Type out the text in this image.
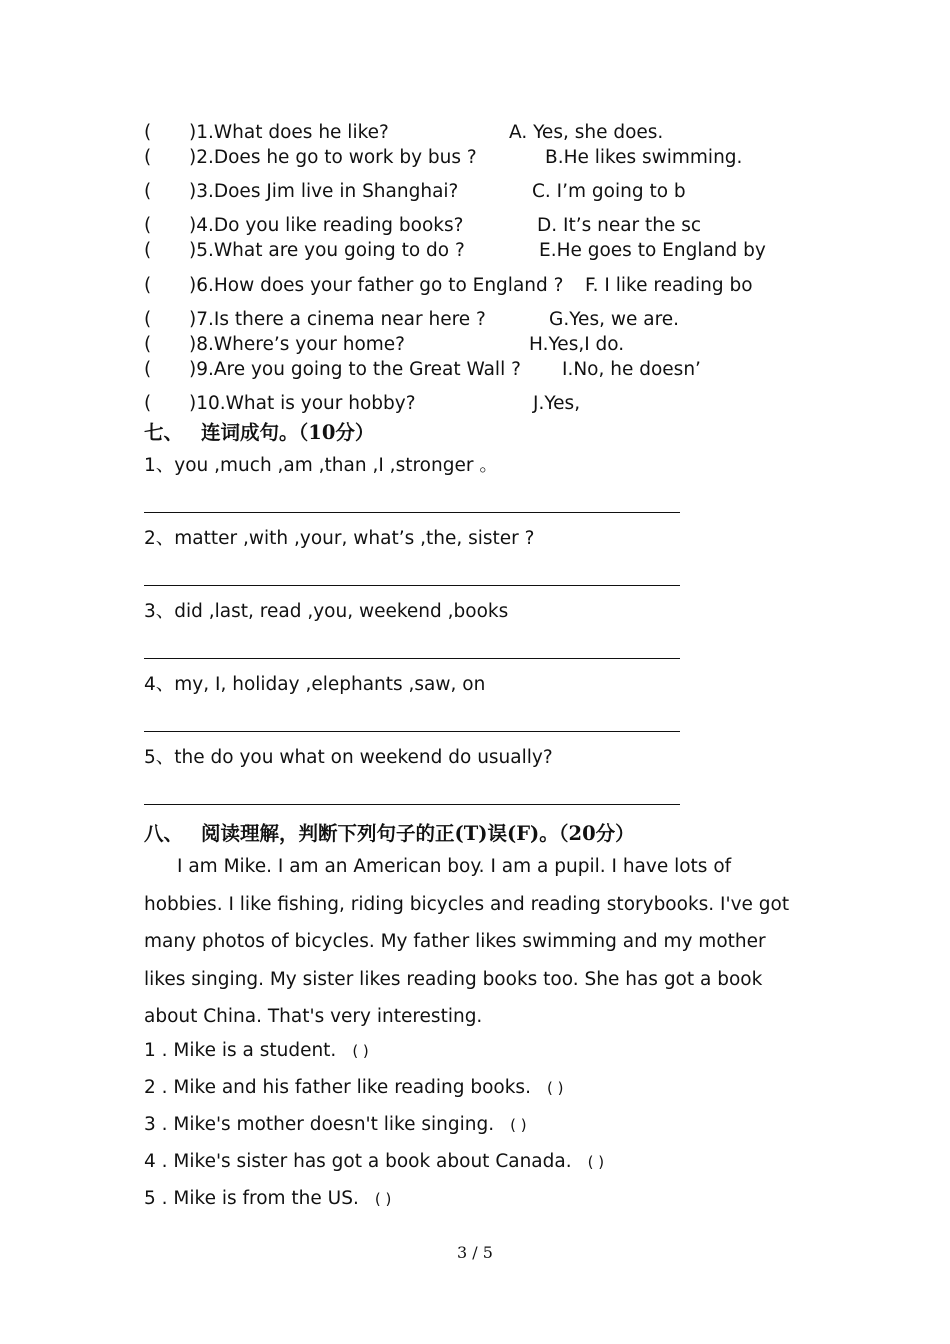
( )1.What does he like?	A. Yes, she does.
( )2.Does he go to work by bus ?	B.He likes swimming.
( )3.Does Jim live in Shanghai?	C. I’m going to b
( )4.Do you like reading books?	D. It’s near the sc
( )5.What are you going to do ?	E.He goes to England by
( )6.How does your father go to England ? F. I like reading bo
( )7.Is there a cinema near here ?	G.Yes, we are.
( )8.Where’s your home?	H.Yes,I do.
( )9.Are you going to the Great Wall ? I.No, he doesn’
( )10.What is your hobby?	J.Yes,
七、 连词成句。（10分）
1、you ,much ,am ,than ,I ,stronger 。
2、matter ,with ,your, what’s ,the, sister ?
3、did ,last, read ,you, weekend ,books
4、my, I, holiday ,elephants ,saw, on
5、the do you what on weekend do usually?
八、 阅读理解，判断下列句子的正(T)误(F)。（20分）
I am Mike. I am an American boy. I am a pupil. I have lots of hobbies. I like fishing, riding bicycles and reading storybooks. I've got many photos of bicycles. My father likes swimming and my mother likes singing. My sister likes reading books too. She has got a book about China. That's very interesting.
1 . Mike is a student. ( )
2 . Mike and his father like reading books. ( )
3 . Mike's mother doesn't like singing. ( )
4 . Mike's sister has got a book about Canada. ( )
5 . Mike is from the US. ( )
3 / 5
